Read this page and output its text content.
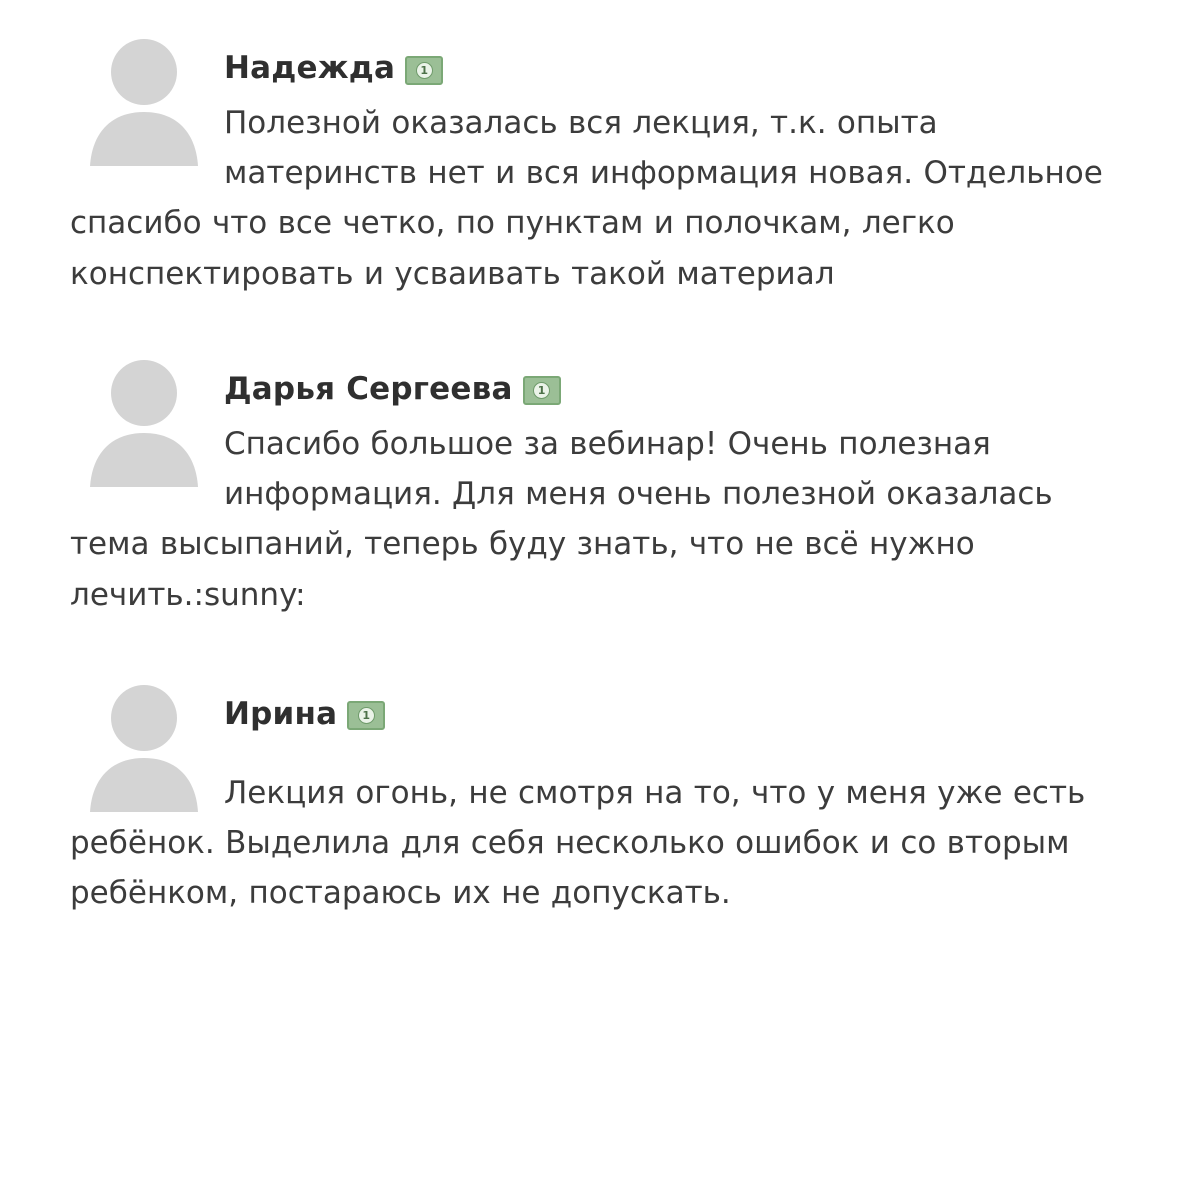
Надежда	1

Полезной оказалась вся лекция, т.к. опыта материнств нет и вся информация новая. Отдельное спасибо что все четко, по пунктам и полочкам, легко конспектировать и усваивать такой материал

Дарья Сергеева	1

Спасибо большое за вебинар! Очень полезная информация. Для меня очень полезной оказалась тема высыпаний, теперь буду знать, что не всё нужно лечить.:sunny:

Ирина	1

Лекция огонь, не смотря на то, что у меня уже есть ребёнок. Выделила для себя несколько ошибок и со вторым ребёнком, постараюсь их не допускать.
